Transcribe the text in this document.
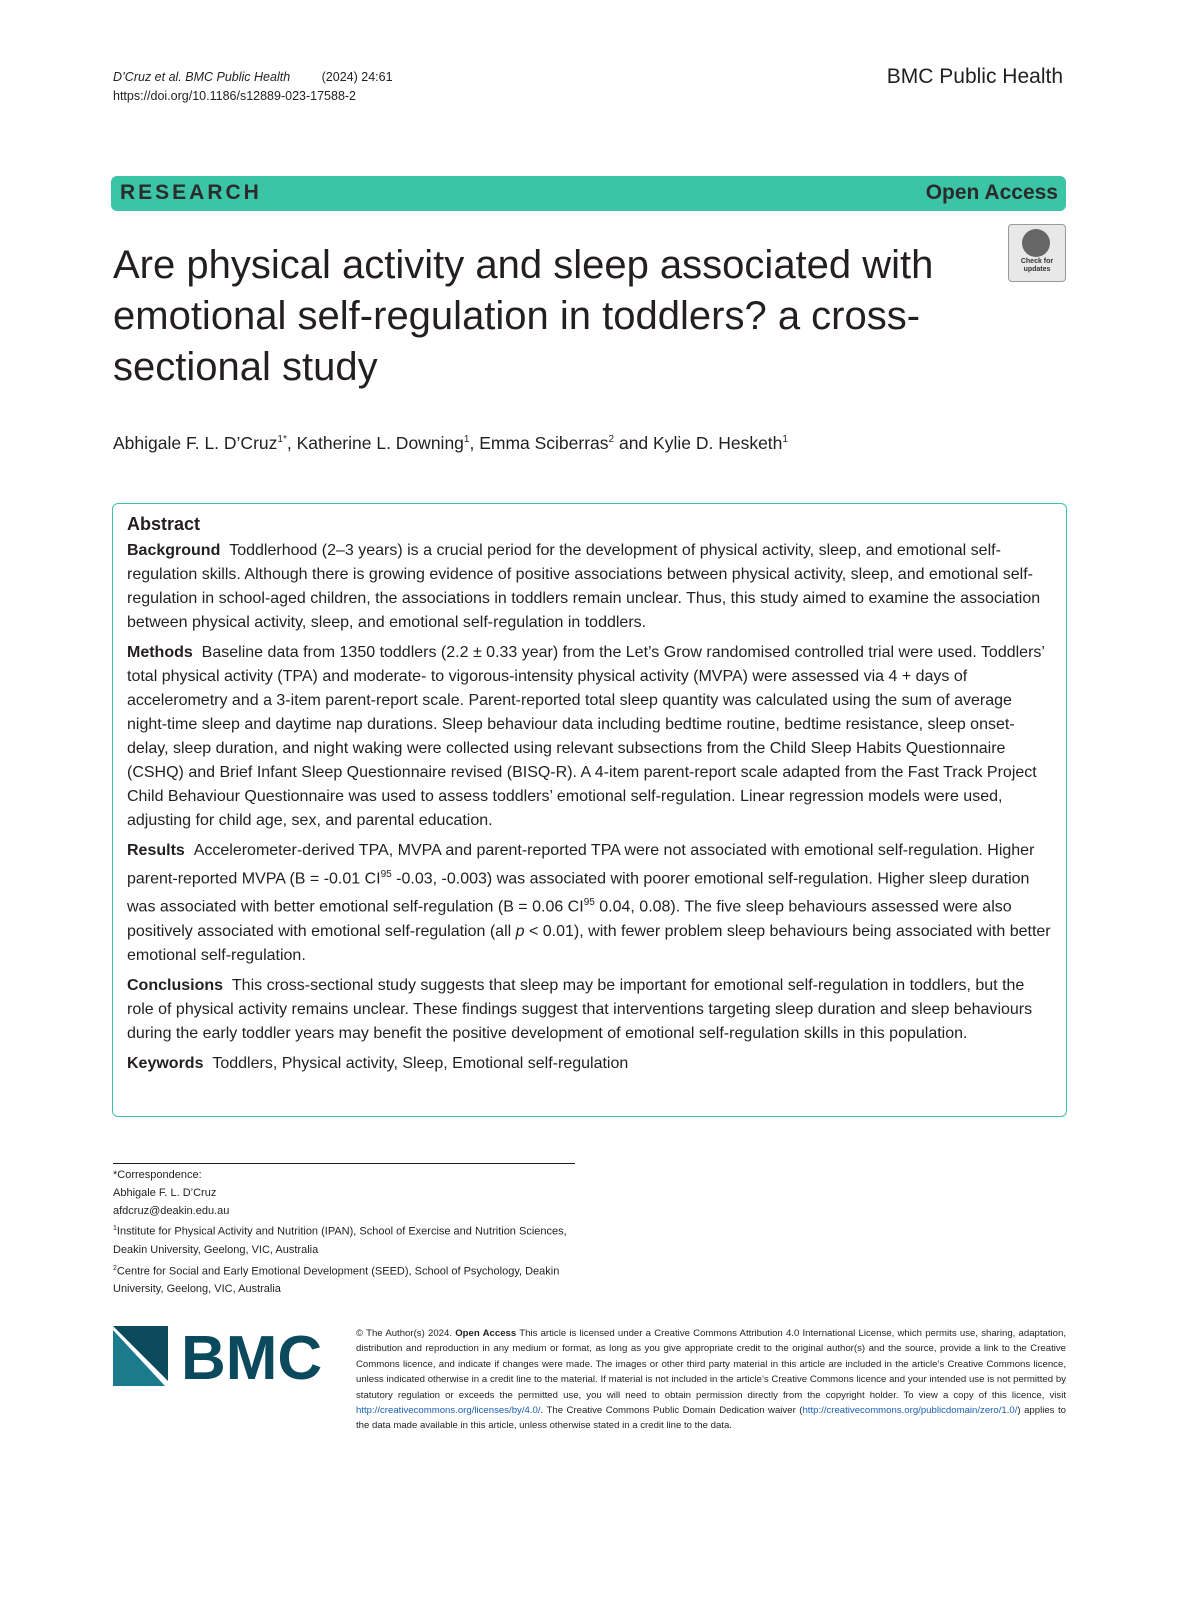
D’Cruz et al. BMC Public Health	(2024) 24:61
https://doi.org/10.1186/s12889-023-17588-2
BMC Public Health
RESEARCH	Open Access
Are physical activity and sleep associated with emotional self-regulation in toddlers? a cross-sectional study
Check for updates
Abhigale F. L. D’Cruz$^{1*}$, Katherine L. Downing$^1$, Emma Sciberras$^2$ and Kylie D. Hesketh$^1$
Abstract

Background Toddlerhood (2–3 years) is a crucial period for the development of physical activity, sleep, and emotional self-regulation skills. Although there is growing evidence of positive associations between physical activity, sleep, and emotional self-regulation in school-aged children, the associations in toddlers remain unclear. Thus, this study aimed to examine the association between physical activity, sleep, and emotional self-regulation in toddlers.

Methods Baseline data from 1350 toddlers (2.2 ± 0.33 year) from the Let’s Grow randomised controlled trial were used. Toddlers’ total physical activity (TPA) and moderate- to vigorous-intensity physical activity (MVPA) were assessed via 4 + days of accelerometry and a 3-item parent-report scale. Parent-reported total sleep quantity was calculated using the sum of average night-time sleep and daytime nap durations. Sleep behaviour data including bedtime routine, bedtime resistance, sleep onset-delay, sleep duration, and night waking were collected using relevant subsections from the Child Sleep Habits Questionnaire (CSHQ) and Brief Infant Sleep Questionnaire revised (BISQ-R). A 4-item parent-report scale adapted from the Fast Track Project Child Behaviour Questionnaire was used to assess toddlers’ emotional self-regulation. Linear regression models were used, adjusting for child age, sex, and parental education.

Results Accelerometer-derived TPA, MVPA and parent-reported TPA were not associated with emotional self-regulation. Higher parent-reported MVPA (B = -0.01 CI$^{95}$ -0.03, -0.003) was associated with poorer emotional self-regulation. Higher sleep duration was associated with better emotional self-regulation (B = 0.06 CI$^{95}$ 0.04, 0.08). The five sleep behaviours assessed were also positively associated with emotional self-regulation (all p < 0.01), with fewer problem sleep behaviours being associated with better emotional self-regulation.

Conclusions This cross-sectional study suggests that sleep may be important for emotional self-regulation in toddlers, but the role of physical activity remains unclear. These findings suggest that interventions targeting sleep duration and sleep behaviours during the early toddler years may benefit the positive development of emotional self-regulation skills in this population.

Keywords Toddlers, Physical activity, Sleep, Emotional self-regulation

*Correspondence:
Abhigale F. L. D’Cruz
afdcruz@deakin.edu.au
$^1$Institute for Physical Activity and Nutrition (IPAN), School of Exercise and Nutrition Sciences, Deakin University, Geelong, VIC, Australia
$^2$Centre for Social and Early Emotional Development (SEED), School of Psychology, Deakin University, Geelong, VIC, Australia
BMC	© The Author(s) 2024. Open Access This article is licensed under a Creative Commons Attribution 4.0 International License, which permits use, sharing, adaptation, distribution and reproduction in any medium or format, as long as you give appropriate credit to the original author(s) and the source, provide a link to the Creative Commons licence, and indicate if changes were made. The images or other third party material in this article are included in the article’s Creative Commons licence, unless indicated otherwise in a credit line to the material. If material is not included in the article’s Creative Commons licence and your intended use is not permitted by statutory regulation or exceeds the permitted use, you will need to obtain permission directly from the copyright holder. To view a copy of this licence, visit http://creativecommons.org/licenses/by/4.0/. The Creative Commons Public Domain Dedication waiver (http://creativecommons.org/publicdomain/zero/1.0/) applies to the data made available in this article, unless otherwise stated in a credit line to the data.
